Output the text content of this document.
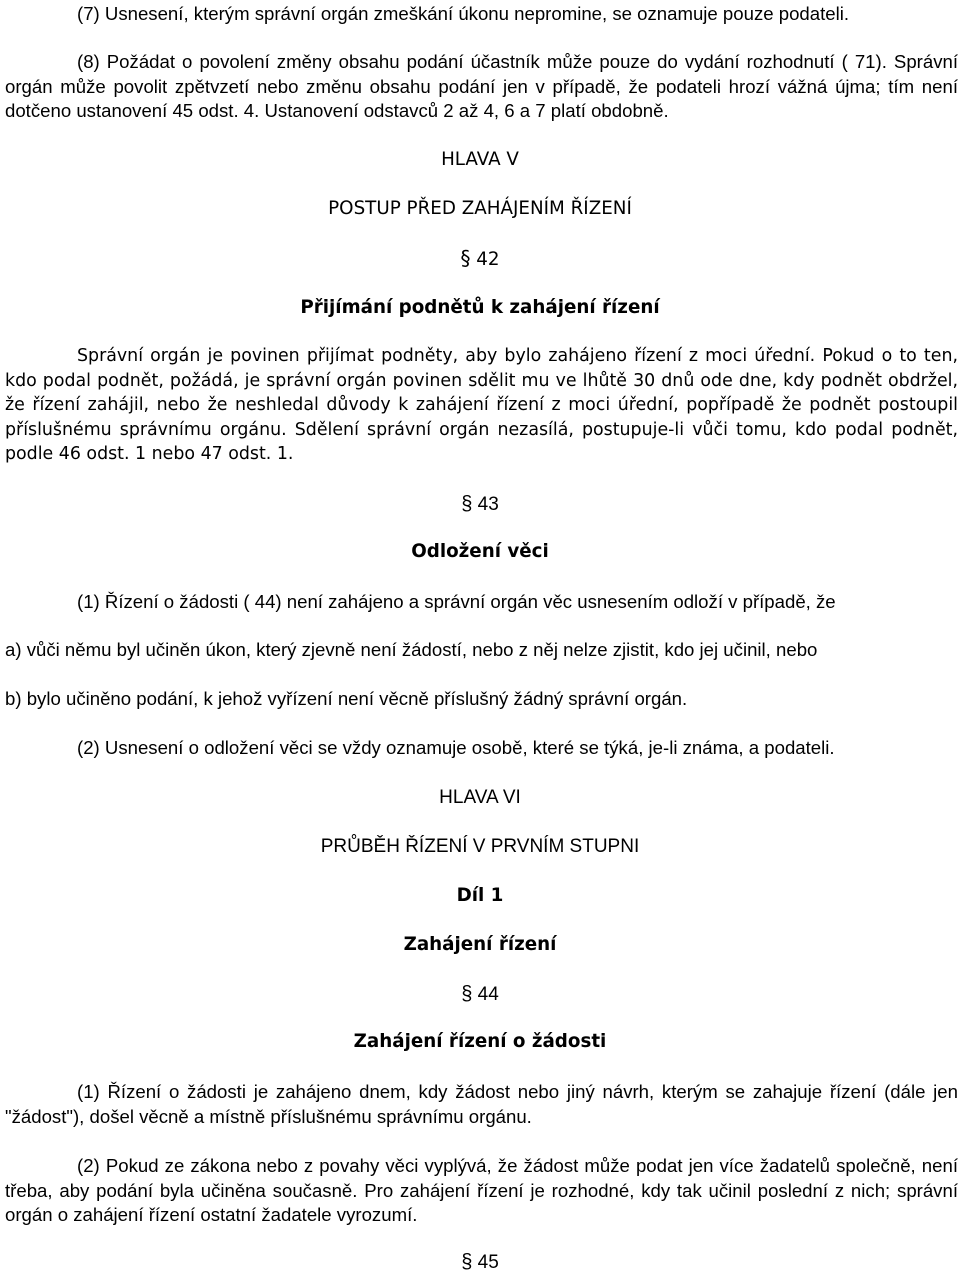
(7) Usnesení, kterým správní orgán zmeškání úkonu nepromine, se oznamuje pouze podateli.

(8) Požádat o povolení změny obsahu podání účastník může pouze do vydání rozhodnutí ( 71). Správní orgán může povolit zpětvzetí nebo změnu obsahu podání jen v případě, že podateli hrozí vážná újma; tím není dotčeno ustanovení 45 odst. 4. Ustanovení odstavců 2 až 4, 6 a 7 platí obdobně.

HLAVA V

POSTUP PŘED ZAHÁJENÍM ŘÍZENÍ

§ 42

Přijímání podnětů k zahájení řízení

Správní orgán je povinen přijímat podněty, aby bylo zahájeno řízení z moci úřední. Pokud o to ten, kdo podal podnět, požádá, je správní orgán povinen sdělit mu ve lhůtě 30 dnů ode dne, kdy podnět obdržel, že řízení zahájil, nebo že neshledal důvody k zahájení řízení z moci úřední, popřípadě že podnět postoupil příslušnému správnímu orgánu. Sdělení správní orgán nezasílá, postupuje-li vůči tomu, kdo podal podnět, podle 46 odst. 1 nebo 47 odst. 1.

§ 43

Odložení věci

(1) Řízení o žádosti ( 44) není zahájeno a správní orgán věc usnesením odloží v případě, že

a) vůči němu byl učiněn úkon, který zjevně není žádostí, nebo z něj nelze zjistit, kdo jej učinil, nebo

b) bylo učiněno podání, k jehož vyřízení není věcně příslušný žádný správní orgán.

(2) Usnesení o odložení věci se vždy oznamuje osobě, které se týká, je-li známa, a podateli.

HLAVA VI

PRŮBĚH ŘÍZENÍ V PRVNÍM STUPNI

Díl 1

Zahájení řízení

§ 44

Zahájení řízení o žádosti

(1) Řízení o žádosti je zahájeno dnem, kdy žádost nebo jiný návrh, kterým se zahajuje řízení (dále jen "žádost"), došel věcně a místně příslušnému správnímu orgánu.

(2) Pokud ze zákona nebo z povahy věci vyplývá, že žádost může podat jen více žadatelů společně, není třeba, aby podání byla učiněna současně. Pro zahájení řízení je rozhodné, kdy tak učinil poslední z nich; správní orgán o zahájení řízení ostatní žadatele vyrozumí.

§ 45
